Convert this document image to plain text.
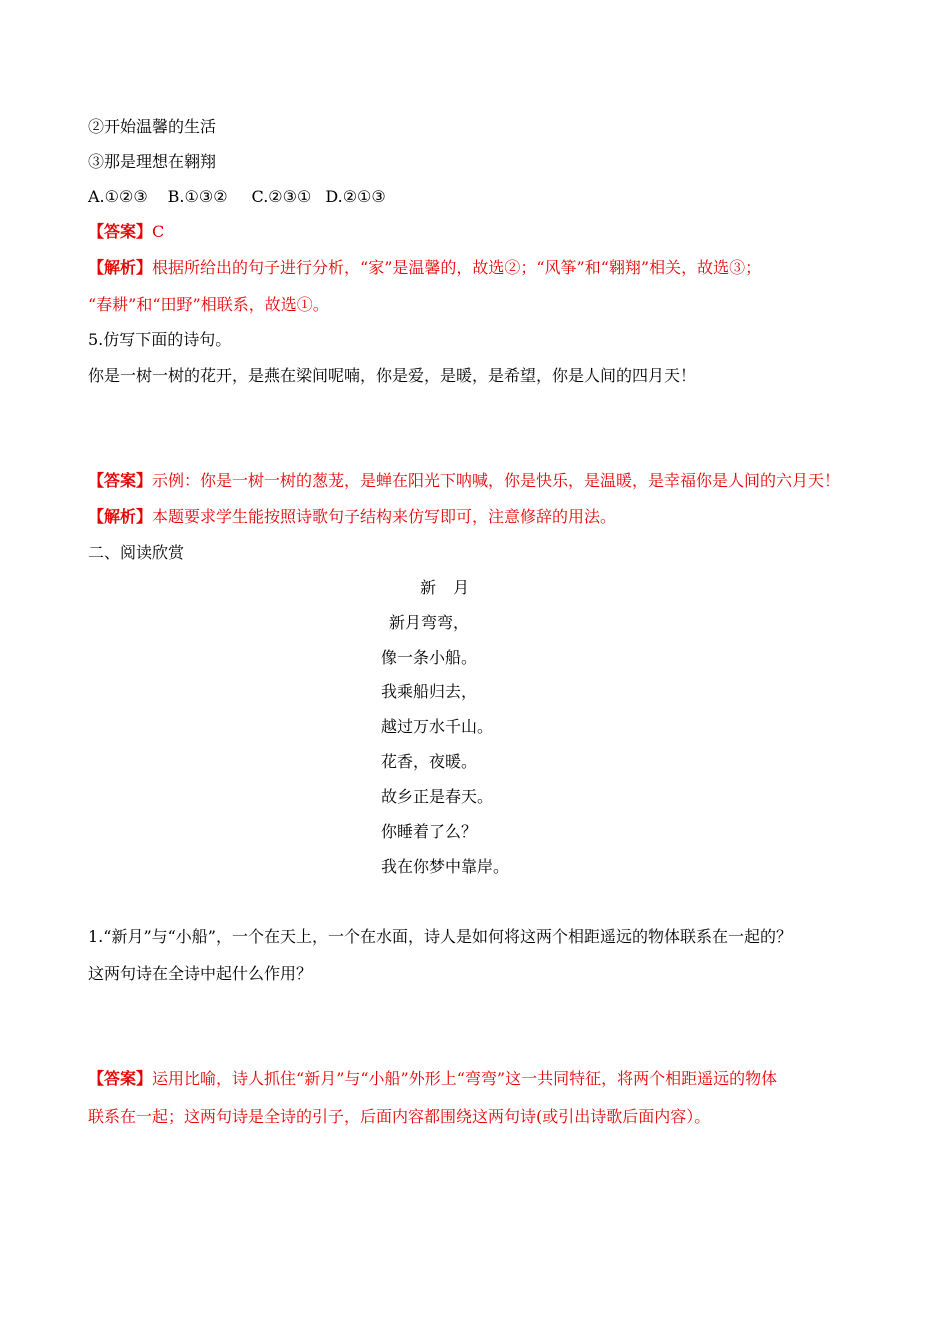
②开始温馨的生活
③那是理想在翱翔
A.①②③ B.①③② C.②③① D.②①③
【答案】C
【解析】根据所给出的句子进行分析，“家”是温馨的，故选②；“风筝”和“翱翔”相关，故选③；
“春耕”和“田野”相联系，故选①。
5.仿写下面的诗句。
你是一树一树的花开，是燕在梁间呢喃，你是爱，是暖，是希望，你是人间的四月天！
【答案】示例：你是一树一树的葱茏，是蝉在阳光下呐喊，你是快乐，是温暖，是幸福你是人间的六月天！
【解析】本题要求学生能按照诗歌句子结构来仿写即可，注意修辞的用法。
二、阅读欣赏
新 月
新月弯弯，
像一条小船。
我乘船归去，
越过万水千山。
花香，夜暖。
故乡正是春天。
你睡着了么？
我在你梦中靠岸。
1.“新月”与“小船”，一个在天上，一个在水面，诗人是如何将这两个相距遥远的物体联系在一起的？
这两句诗在全诗中起什么作用？
【答案】运用比喻，诗人抓住“新月”与“小船”外形上“弯弯”这一共同特征，将两个相距遥远的物体
联系在一起；这两句诗是全诗的引子，后面内容都围绕这两句诗(或引出诗歌后面内容）。
